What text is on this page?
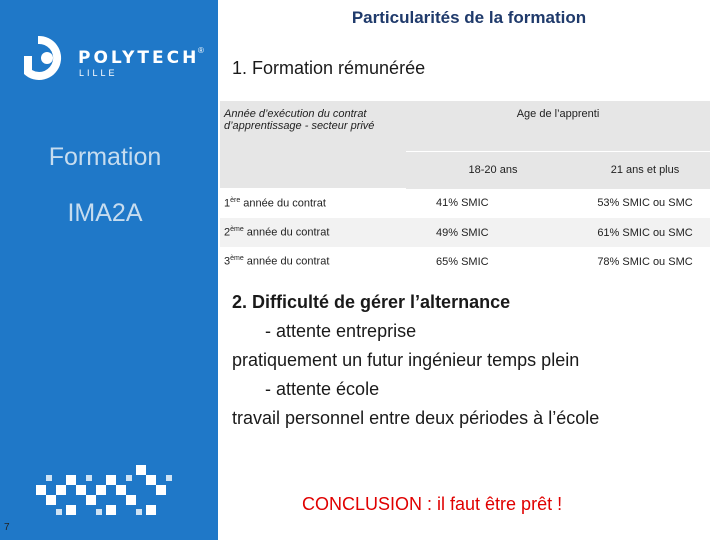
POLYTECH
®
LILLE
Formation
IMA2A
7
Particularités de la formation
1. Formation rémunérée
Année d’exécution du contrat d’apprentissage - secteur privé	Age de l’apprenti	
	18-20 ans	21 ans et plus
1ère année du contrat	41% SMIC	53% SMIC ou SMC
2ème année du contrat	49% SMIC	61% SMIC ou SMC
3ème année du contrat	65% SMIC	78% SMIC ou SMC
2. Difficulté de gérer l’alternance
- attente entreprise
pratiquement un futur ingénieur temps plein
- attente école
travail personnel entre deux périodes à l’école
CONCLUSION : il faut être prêt !
